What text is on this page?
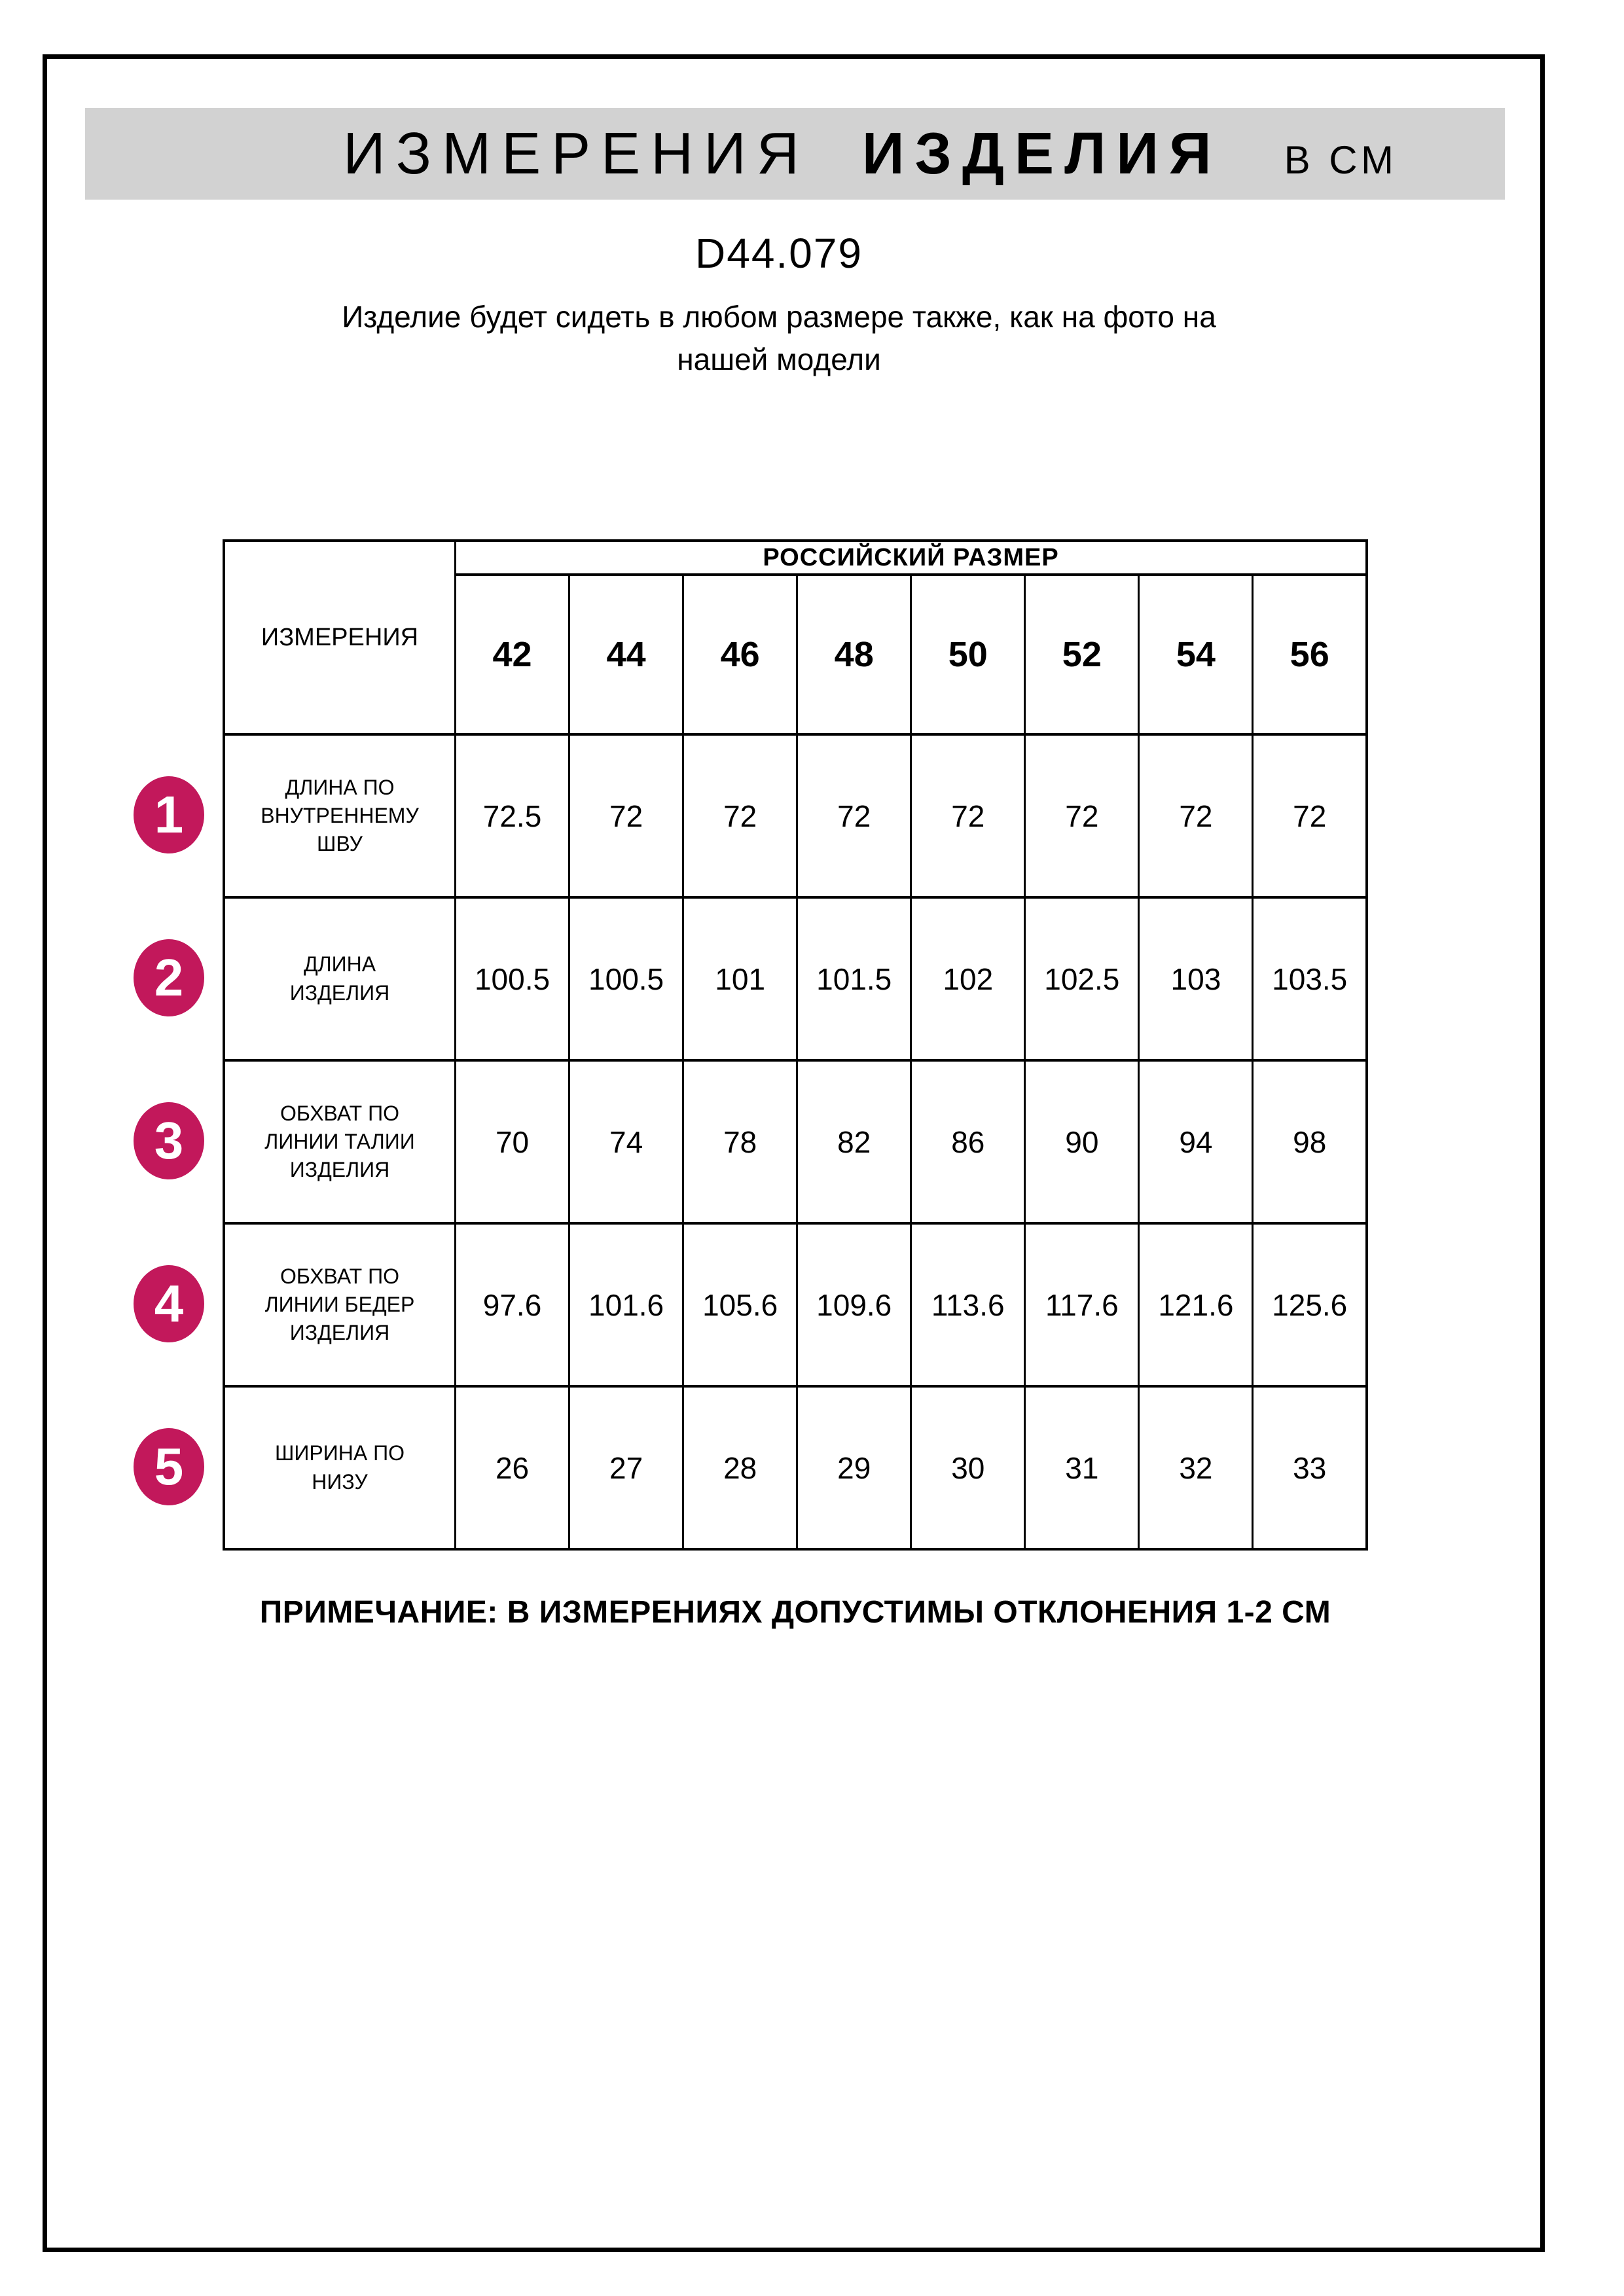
ИЗМЕРЕНИЯ ИЗДЕЛИЯ В СМ
D44.079
Изделие будет сидеть в любом размере также, как на фото на нашей модели
ИЗМЕРЕНИЯ	РОССИЙСКИЙ РАЗМЕР							
	42	44	46	48	50	52	54	56
ДЛИНА ПО ВНУТРЕННЕМУ ШВУ	72.5	72	72	72	72	72	72	72
ДЛИНА ИЗДЕЛИЯ	100.5	100.5	101	101.5	102	102.5	103	103.5
ОБХВАТ ПО ЛИНИИ ТАЛИИ ИЗДЕЛИЯ	70	74	78	82	86	90	94	98
ОБХВАТ ПО ЛИНИИ БЕДЕР ИЗДЕЛИЯ	97.6	101.6	105.6	109.6	113.6	117.6	121.6	125.6
ШИРИНА ПО НИЗУ	26	27	28	29	30	31	32	33
ПРИМЕЧАНИЕ: В ИЗМЕРЕНИЯХ ДОПУСТИМЫ ОТКЛОНЕНИЯ 1-2 СМ
1
2
3
4
5
